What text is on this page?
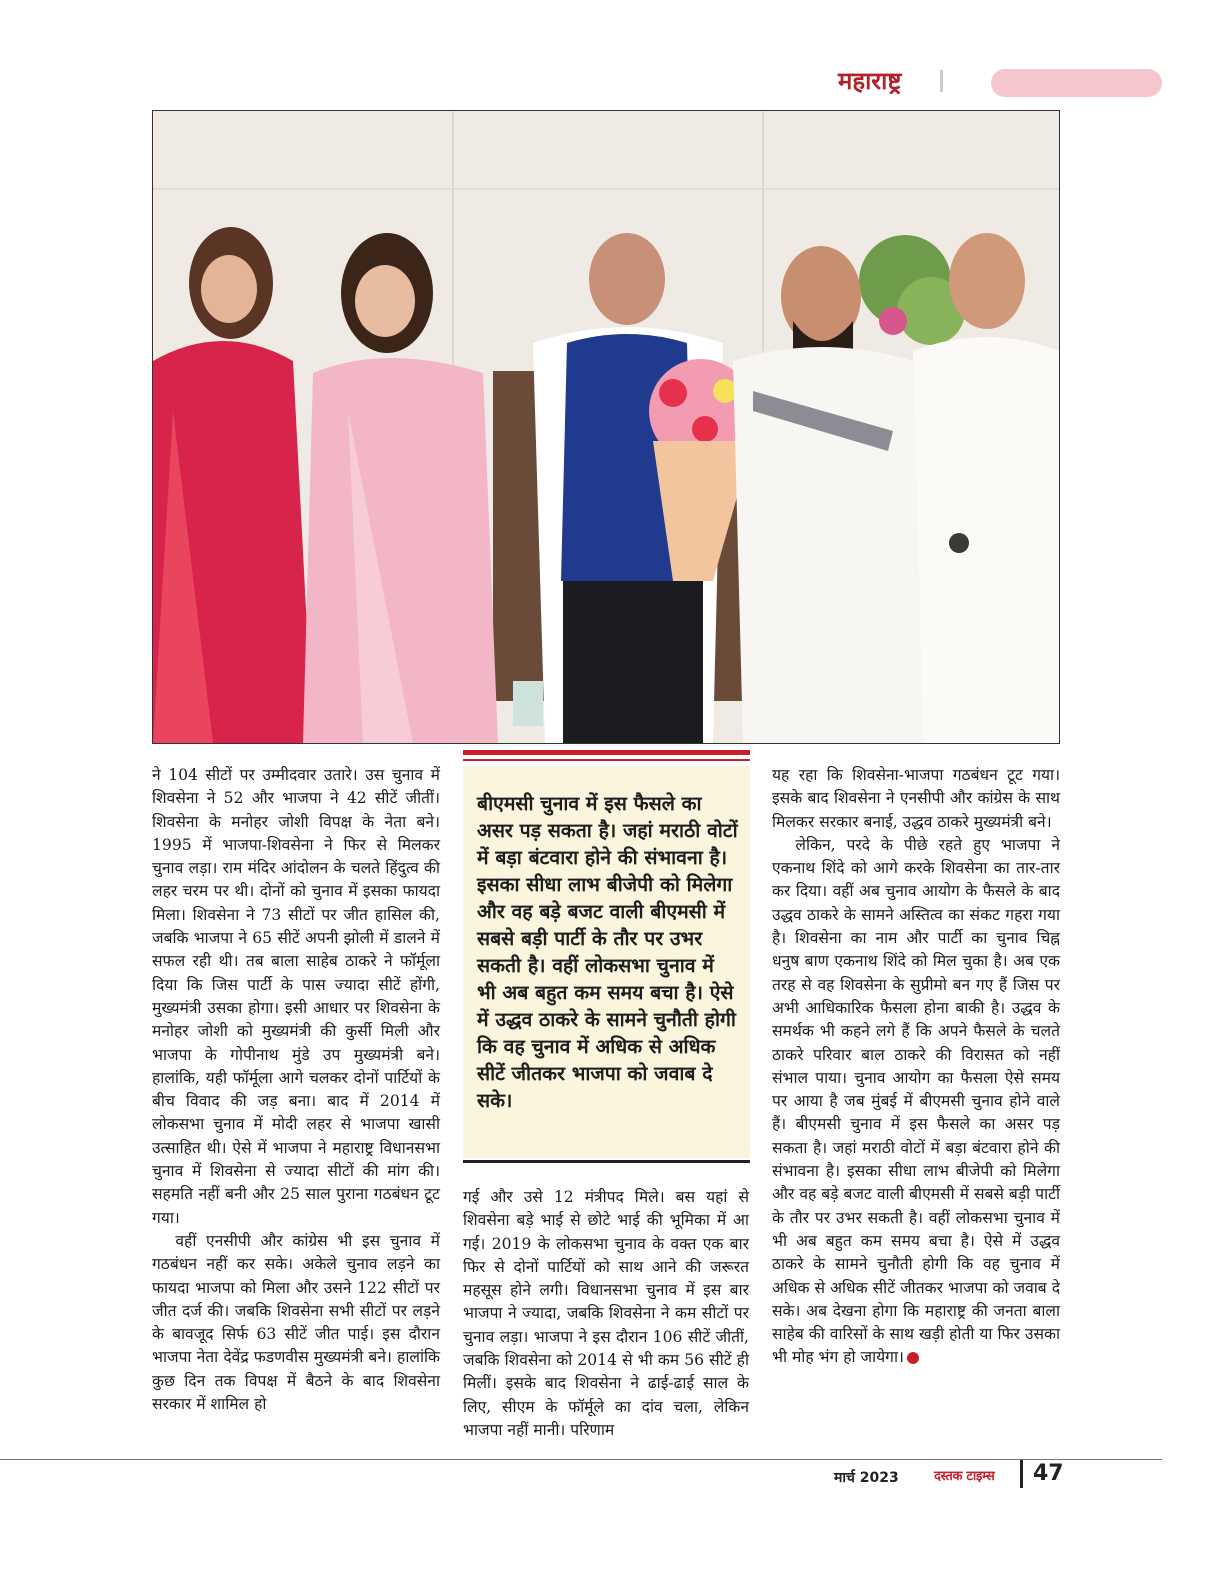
महाराष्ट्र

ने 104 सीटों पर उम्मीदवार उतारे। उस चुनाव में शिवसेना ने 52 और भाजपा ने 42 सीटें जीतीं। शिवसेना के मनोहर जोशी विपक्ष के नेता बने। 1995 में भाजपा-शिवसेना ने फिर से मिलकर चुनाव लड़ा। राम मंदिर आंदोलन के चलते हिंदुत्व की लहर चरम पर थी। दोनों को चुनाव में इसका फायदा मिला। शिवसेना ने 73 सीटों पर जीत हासिल की, जबकि भाजपा ने 65 सीटें अपनी झोली में डालने में सफल रही थी। तब बाला साहेब ठाकरे ने फॉर्मूला दिया कि जिस पार्टी के पास ज्यादा सीटें होंगी, मुख्यमंत्री उसका होगा। इसी आधार पर शिवसेना के मनोहर जोशी को मुख्यमंत्री की कुर्सी मिली और भाजपा के गोपीनाथ मुंडे उप मुख्यमंत्री बने। हालांकि, यही फॉर्मूला आगे चलकर दोनों पार्टियों के बीच विवाद की जड़ बना। बाद में 2014 में लोकसभा चुनाव में मोदी लहर से भाजपा खासी उत्साहित थी। ऐसे में भाजपा ने महाराष्ट्र विधानसभा चुनाव में शिवसेना से ज्यादा सीटों की मांग की। सहमति नहीं बनी और 25 साल पुराना गठबंधन टूट गया।

वहीं एनसीपी और कांग्रेस भी इस चुनाव में गठबंधन नहीं कर सके। अकेले चुनाव लड़ने का फायदा भाजपा को मिला और उसने 122 सीटों पर जीत दर्ज की। जबकि शिवसेना सभी सीटों पर लड़ने के बावजूद सिर्फ 63 सीटें जीत पाई। इस दौरान भाजपा नेता देवेंद्र फडणवीस मुख्यमंत्री बने। हालांकि कुछ दिन तक विपक्ष में बैठने के बाद शिवसेना सरकार में शामिल हो

बीएमसी चुनाव में इस फैसले का असर पड़ सकता है। जहां मराठी वोटों में बड़ा बंटवारा होने की संभावना है। इसका सीधा लाभ बीजेपी को मिलेगा और वह बड़े बजट वाली बीएमसी में सबसे बड़ी पार्टी के तौर पर उभर सकती है। वहीं लोकसभा चुनाव में भी अब बहुत कम समय बचा है। ऐसे में उद्धव ठाकरे के सामने चुनौती होगी कि वह चुनाव में अधिक से अधिक सीटें जीतकर भाजपा को जवाब दे सके।

गई और उसे 12 मंत्रीपद मिले। बस यहां से शिवसेना बड़े भाई से छोटे भाई की भूमिका में आ गई। 2019 के लोकसभा चुनाव के वक्त एक बार फिर से दोनों पार्टियों को साथ आने की जरूरत महसूस होने लगी। विधानसभा चुनाव में इस बार भाजपा ने ज्यादा, जबकि शिवसेना ने कम सीटों पर चुनाव लड़ा। भाजपा ने इस दौरान 106 सीटें जीतीं, जबकि शिवसेना को 2014 से भी कम 56 सीटें ही मिलीं। इसके बाद शिवसेना ने ढाई-ढाई साल के लिए, सीएम के फॉर्मूले का दांव चला, लेकिन भाजपा नहीं मानी। परिणाम

यह रहा कि शिवसेना-भाजपा गठबंधन टूट गया। इसके बाद शिवसेना ने एनसीपी और कांग्रेस के साथ मिलकर सरकार बनाई, उद्धव ठाकरे मुख्यमंत्री बने।

लेकिन, परदे के पीछे रहते हुए भाजपा ने एकनाथ शिंदे को आगे करके शिवसेना का तार-तार कर दिया। वहीं अब चुनाव आयोग के फैसले के बाद उद्धव ठाकरे के सामने अस्तित्व का संकट गहरा गया है। शिवसेना का नाम और पार्टी का चुनाव चिह्न धनुष बाण एकनाथ शिंदे को मिल चुका है। अब एक तरह से वह शिवसेना के सुप्रीमो बन गए हैं जिस पर अभी आधिकारिक फैसला होना बाकी है। उद्धव के समर्थक भी कहने लगे हैं कि अपने फैसले के चलते ठाकरे परिवार बाल ठाकरे की विरासत को नहीं संभाल पाया। चुनाव आयोग का फैसला ऐसे समय पर आया है जब मुंबई में बीएमसी चुनाव होने वाले हैं। बीएमसी चुनाव में इस फैसले का असर पड़ सकता है। जहां मराठी वोटों में बड़ा बंटवारा होने की संभावना है। इसका सीधा लाभ बीजेपी को मिलेगा और वह बड़े बजट वाली बीएमसी में सबसे बड़ी पार्टी के तौर पर उभर सकती है। वहीं लोकसभा चुनाव में भी अब बहुत कम समय बचा है। ऐसे में उद्धव ठाकरे के सामने चुनौती होगी कि वह चुनाव में अधिक से अधिक सीटें जीतकर भाजपा को जवाब दे सके। अब देखना होगा कि महाराष्ट्र की जनता बाला साहेब की वारिसों के साथ खड़ी होती या फिर उसका भी मोह भंग हो जायेगा।

मार्च 2023	दस्तक टाइम्स 47
